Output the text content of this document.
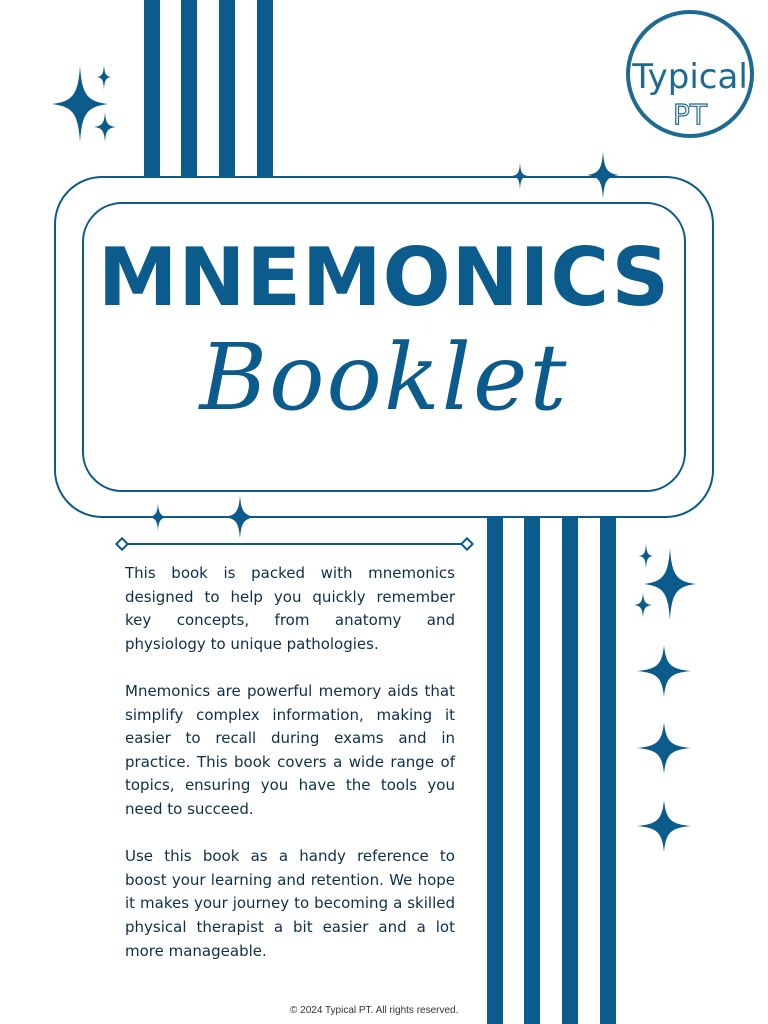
MNEMONICS
Booklet
Typical
PT

This book is packed with mnemonics designed to help you quickly remember key concepts, from anatomy and physiology to unique pathologies.

Mnemonics are powerful memory aids that simplify complex information, making it easier to recall during exams and in practice. This book covers a wide range of topics, ensuring you have the tools you need to succeed.

Use this book as a handy reference to boost your learning and retention. We hope it makes your journey to becoming a skilled physical therapist a bit easier and a lot more manageable.

© 2024 Typical PT. All rights reserved.
